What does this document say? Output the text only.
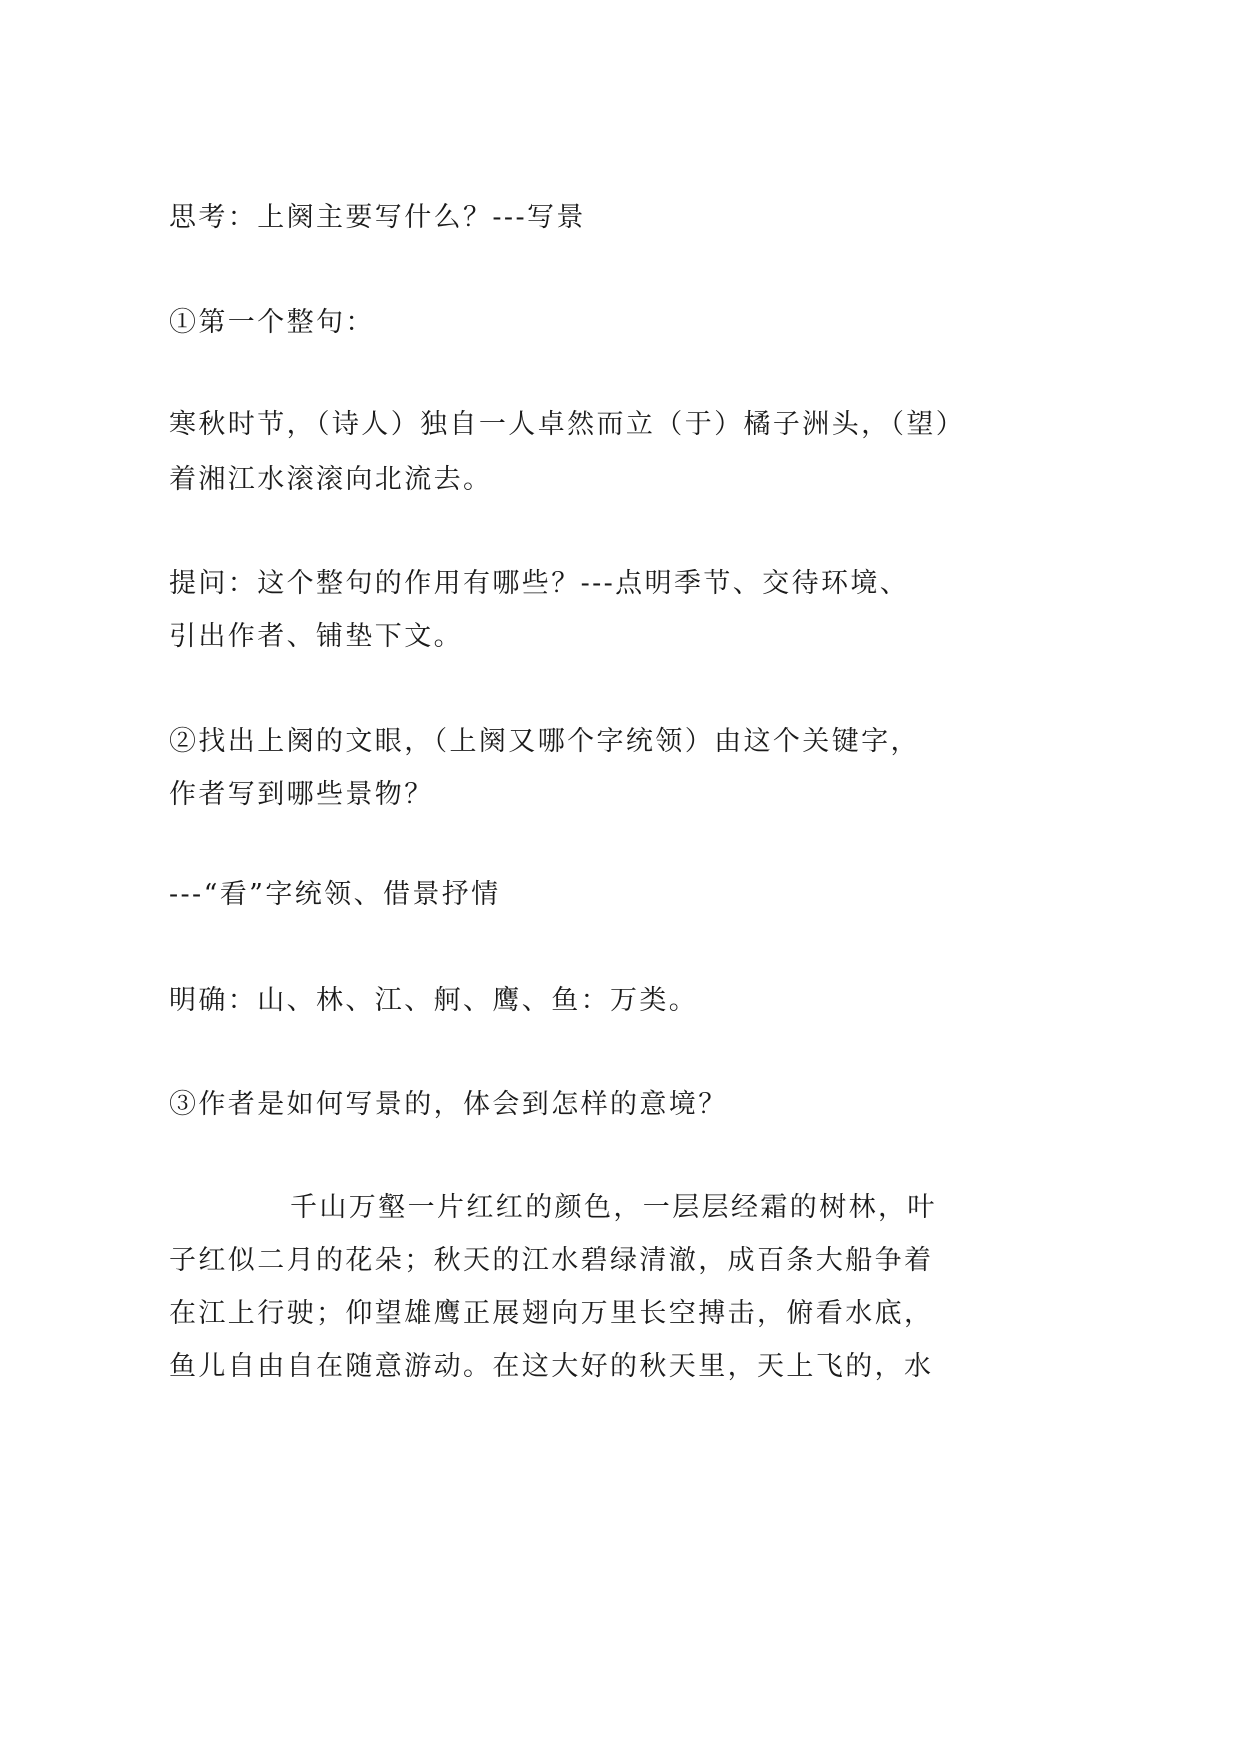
思考：上阕主要写什么？---写景

①第一个整句：

寒秋时节，（诗人）独自一人卓然而立（于）橘子洲头，（望）

着湘江水滚滚向北流去。

提问：这个整句的作用有哪些？---点明季节、交待环境、

引出作者、铺垫下文。

②找出上阕的文眼，（上阕又哪个字统领）由这个关键字，

作者写到哪些景物？

---“看”字统领、借景抒情

明确：山、林、江、舸、鹰、鱼：万类。

③作者是如何写景的，体会到怎样的意境？

千山万壑一片红红的颜色，一层层经霜的树林，叶

子红似二月的花朵；秋天的江水碧绿清澈，成百条大船争着

在江上行驶；仰望雄鹰正展翅向万里长空搏击，俯看水底，

鱼儿自由自在随意游动。在这大好的秋天里，天上飞的，水
